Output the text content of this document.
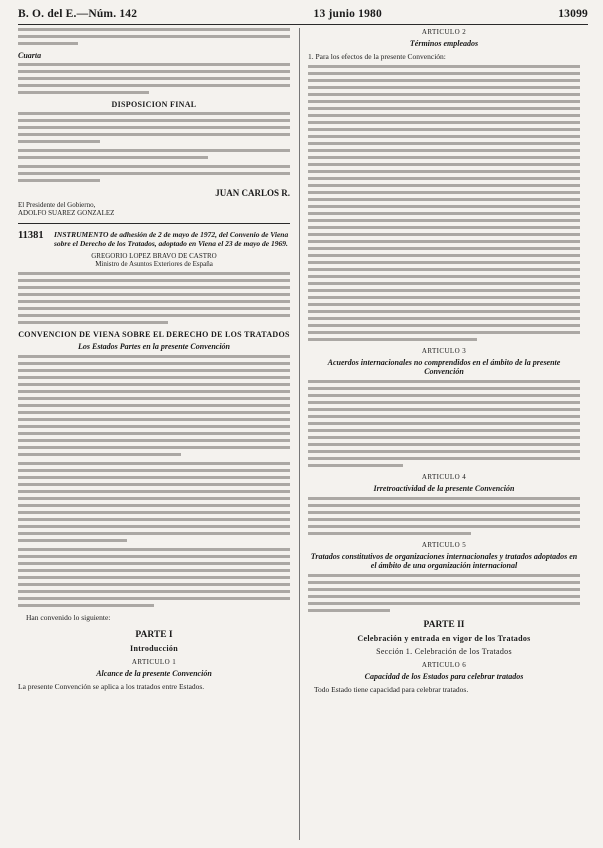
B. O. del E.—Núm. 142	13 junio 1980	13099
Cuarta
DISPOSICION FINAL
JUAN CARLOS R.
El Presidente del Gobierno,
ADOLFO SUAREZ GONZALEZ
11381	INSTRUMENTO de adhesión de 2 de mayo de 1972, del Convenio de Viena sobre el Derecho de los Tratados, adoptado en Viena el 23 de mayo de 1969.
GREGORIO LOPEZ BRAVO DE CASTRO
Ministro de Asuntos Exteriores de España
CONVENCION DE VIENA SOBRE EL DERECHO DE LOS TRATADOS
Los Estados Partes en la presente Convención
Han convenido lo siguiente:
PARTE I
Introducción
ARTICULO 1
Alcance de la presente Convención
La presente Convención se aplica a los tratados entre Estados.
ARTICULO 2
Términos empleados
1. Para los efectos de la presente Convención:
ARTICULO 3
Acuerdos internacionales no comprendidos en el ámbito de la presente Convención
ARTICULO 4
Irretroactividad de la presente Convención
ARTICULO 5
Tratados constitutivos de organizaciones internacionales y tratados adoptados en el ámbito de una organización internacional
PARTE II
Celebración y entrada en vigor de los Tratados
Sección 1. Celebración de los Tratados
ARTICULO 6
Capacidad de los Estados para celebrar tratados
Todo Estado tiene capacidad para celebrar tratados.
